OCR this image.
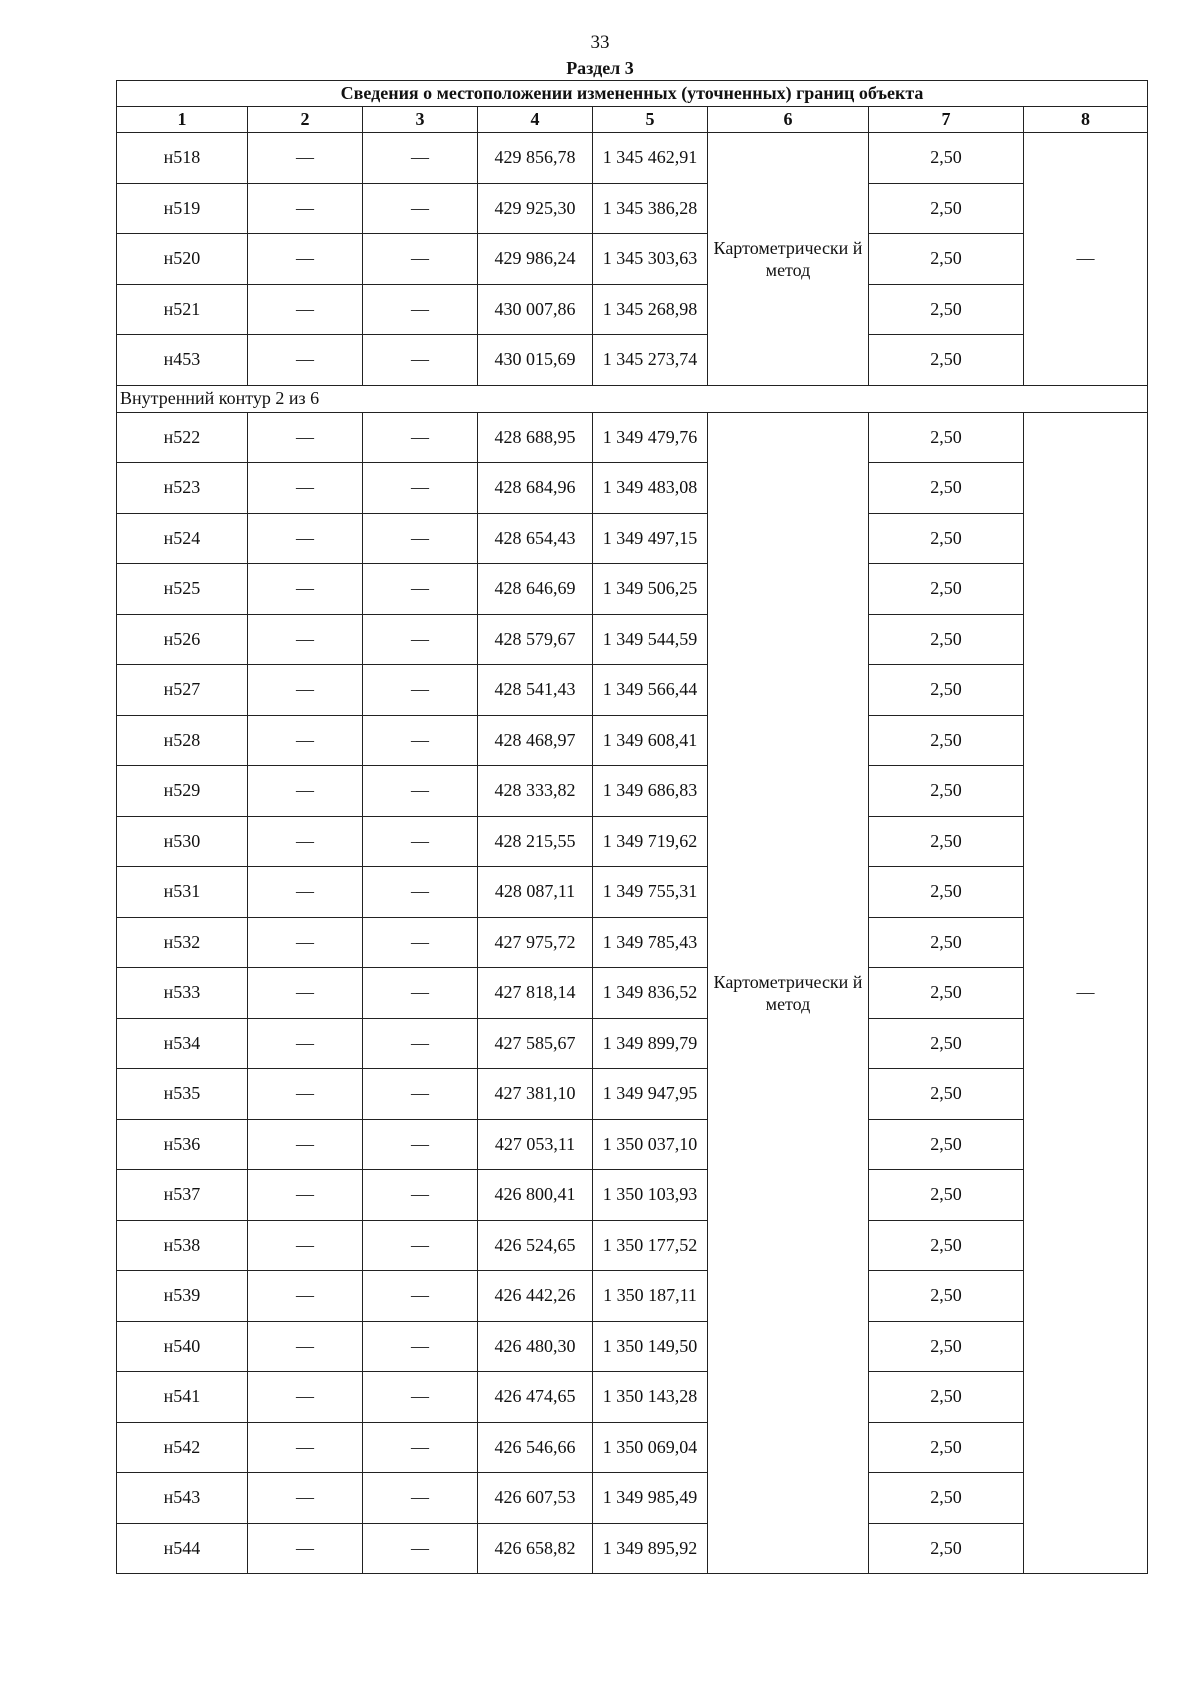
33
Раздел 3
Сведения о местоположении измененных (уточненных) границ объекта							
1	2	3	4	5	6	7	8
н518	—	—	429 856,78	1 345 462,91	Картометрически й метод	2,50	—
н519	—	—	429 925,30	1 345 386,28		2,50	
н520	—	—	429 986,24	1 345 303,63		2,50	
н521	—	—	430 007,86	1 345 268,98		2,50	
н453	—	—	430 015,69	1 345 273,74		2,50	
Внутренний контур 2 из 6							
н522	—	—	428 688,95	1 349 479,76	Картометрически й метод	2,50	—
н523	—	—	428 684,96	1 349 483,08		2,50	
н524	—	—	428 654,43	1 349 497,15		2,50	
н525	—	—	428 646,69	1 349 506,25		2,50	
н526	—	—	428 579,67	1 349 544,59		2,50	
н527	—	—	428 541,43	1 349 566,44		2,50	
н528	—	—	428 468,97	1 349 608,41		2,50	
н529	—	—	428 333,82	1 349 686,83		2,50	
н530	—	—	428 215,55	1 349 719,62		2,50	
н531	—	—	428 087,11	1 349 755,31		2,50	
н532	—	—	427 975,72	1 349 785,43		2,50	
н533	—	—	427 818,14	1 349 836,52		2,50	
н534	—	—	427 585,67	1 349 899,79		2,50	
н535	—	—	427 381,10	1 349 947,95		2,50	
н536	—	—	427 053,11	1 350 037,10		2,50	
н537	—	—	426 800,41	1 350 103,93		2,50	
н538	—	—	426 524,65	1 350 177,52		2,50	
н539	—	—	426 442,26	1 350 187,11		2,50	
н540	—	—	426 480,30	1 350 149,50		2,50	
н541	—	—	426 474,65	1 350 143,28		2,50	
н542	—	—	426 546,66	1 350 069,04		2,50	
н543	—	—	426 607,53	1 349 985,49		2,50	
н544	—	—	426 658,82	1 349 895,92		2,50	
